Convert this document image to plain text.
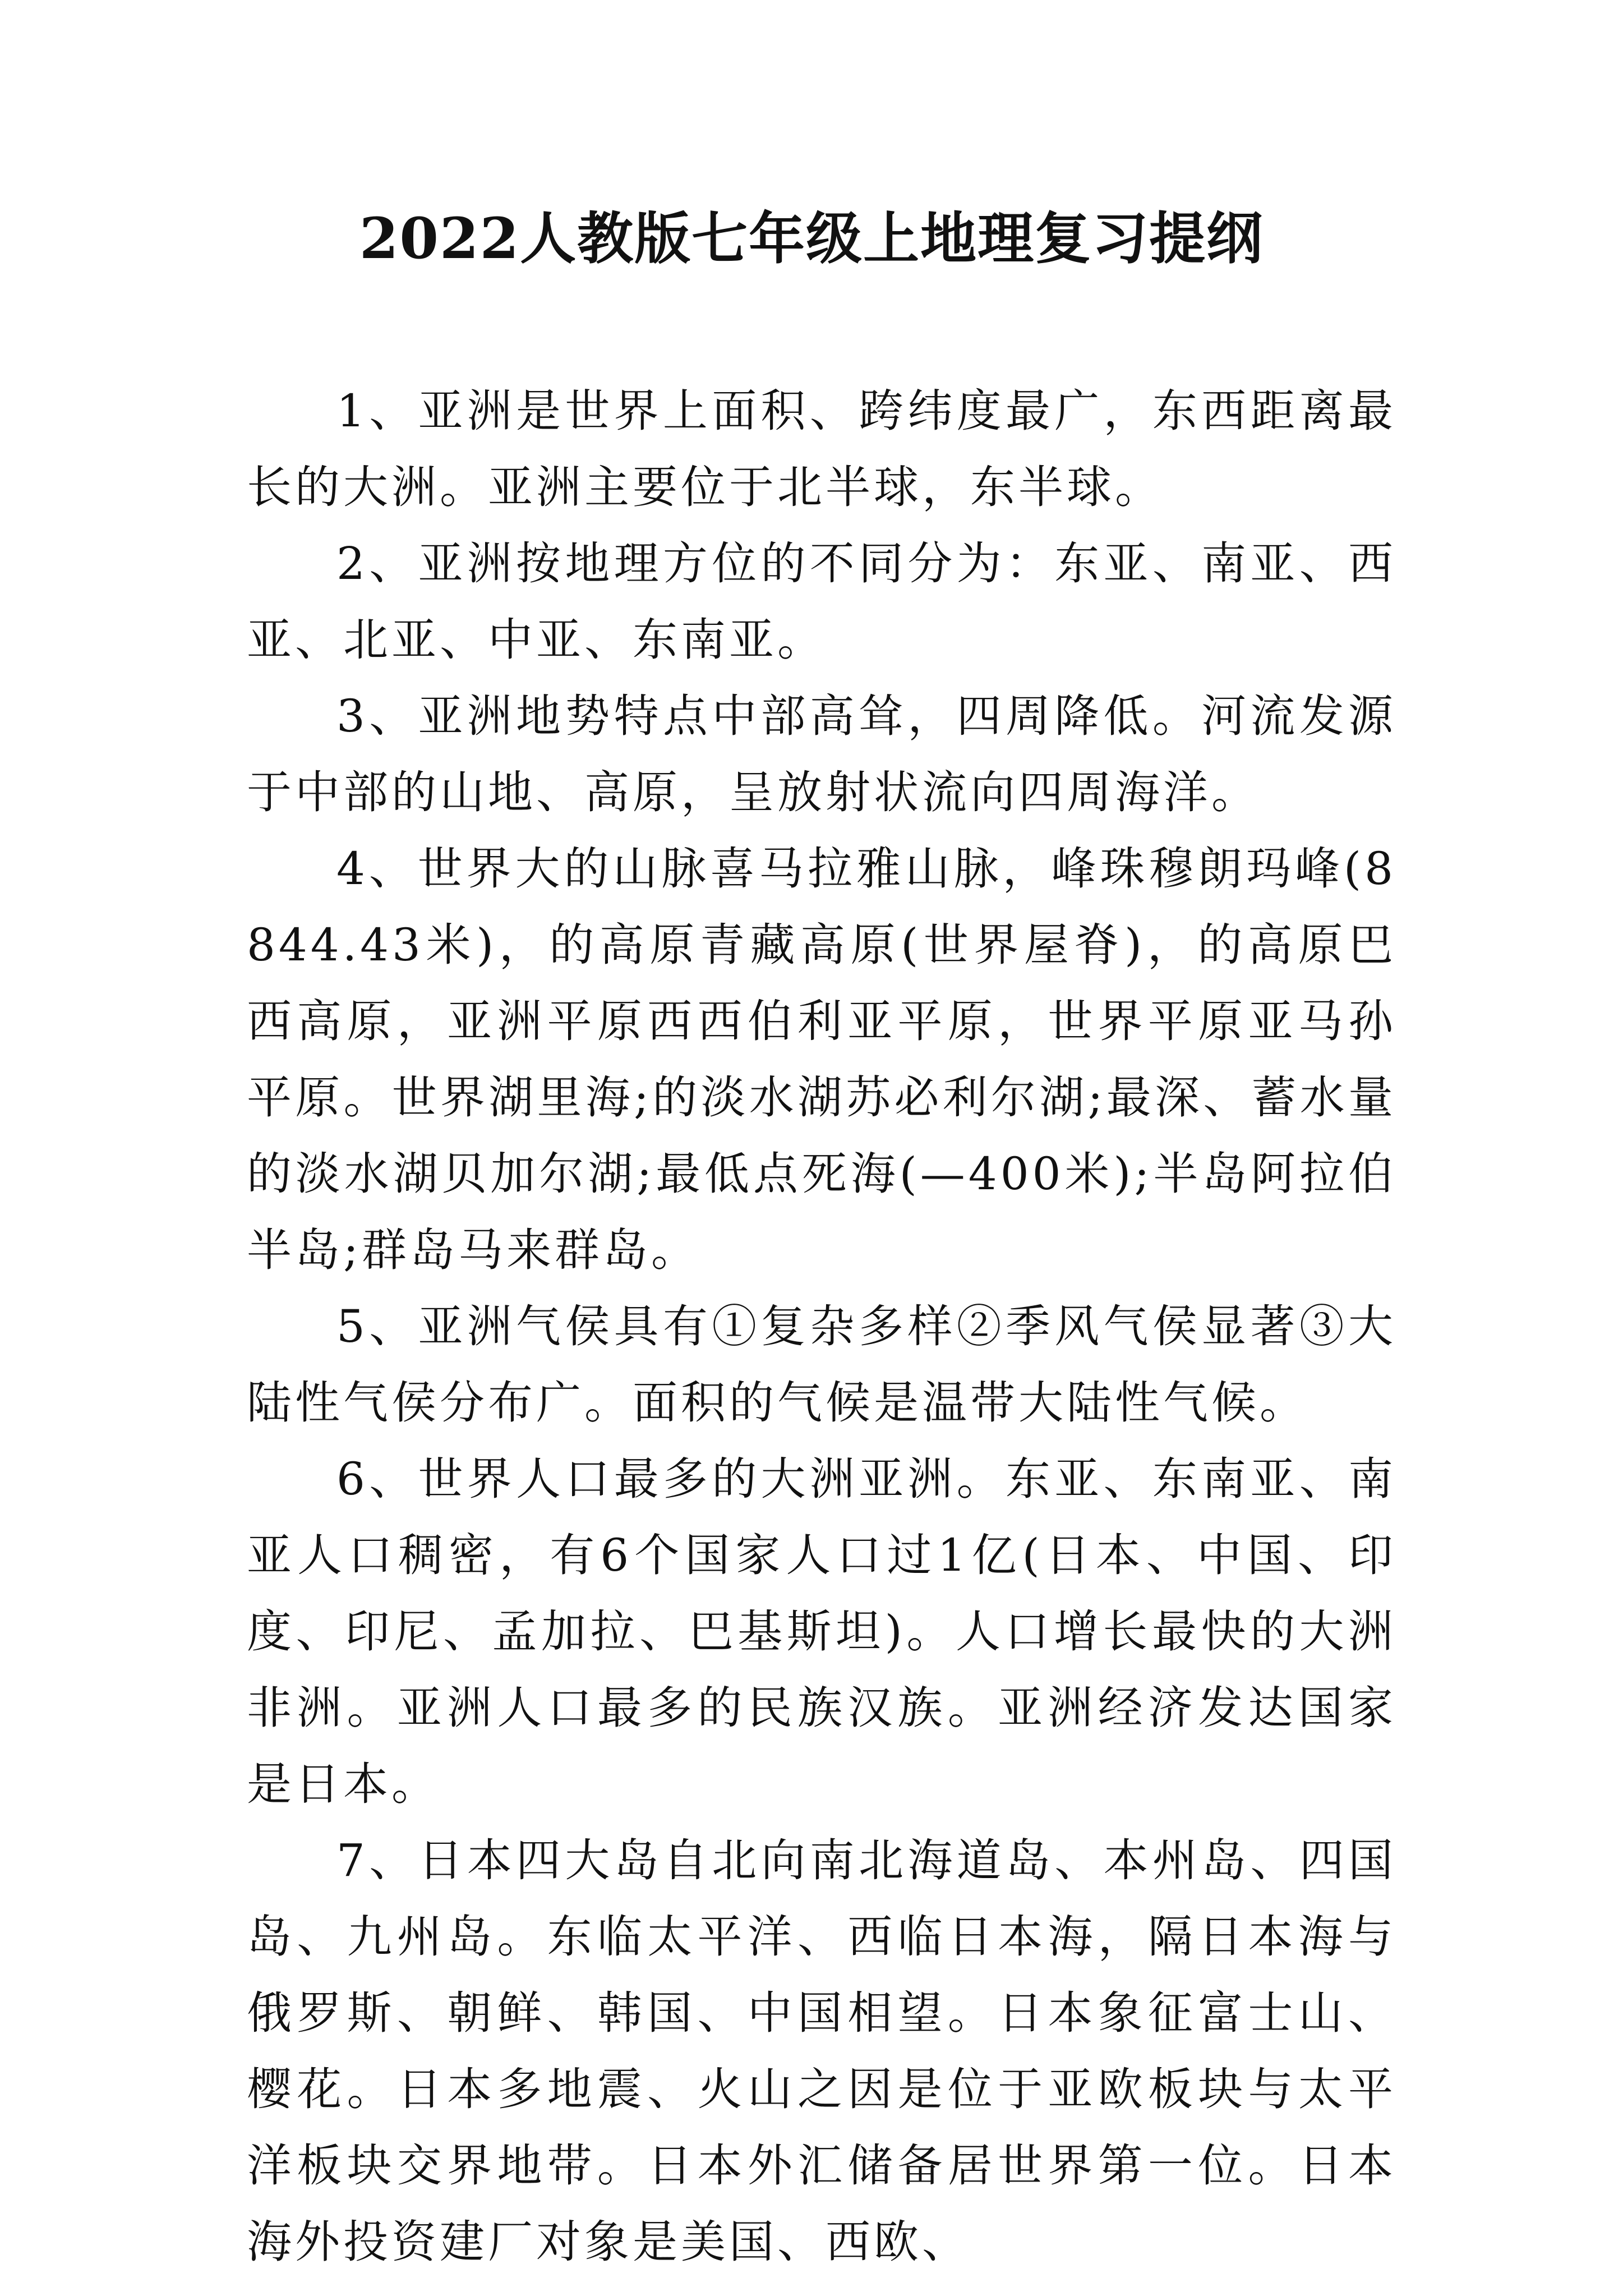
2022人教版七年级上地理复习提纲

1、亚洲是世界上面积、跨纬度最广，东西距离最长的大洲。亚洲主要位于北半球，东半球。

2、亚洲按地理方位的不同分为：东亚、南亚、西亚、北亚、中亚、东南亚。

3、亚洲地势特点中部高耸，四周降低。河流发源于中部的山地、高原，呈放射状流向四周海洋。

4、世界大的山脉喜马拉雅山脉，峰珠穆朗玛峰(8844.43米)，的高原青藏高原(世界屋脊)，的高原巴西高原，亚洲平原西西伯利亚平原，世界平原亚马孙平原。世界湖里海;的淡水湖苏必利尔湖;最深、蓄水量的淡水湖贝加尔湖;最低点死海(—400米);半岛阿拉伯半岛;群岛马来群岛。

5、亚洲气侯具有①复杂多样②季风气侯显著③大陆性气侯分布广。面积的气候是温带大陆性气候。

6、世界人口最多的大洲亚洲。东亚、东南亚、南亚人口稠密，有6个国家人口过1亿(日本、中国、印度、印尼、孟加拉、巴基斯坦)。人口增长最快的大洲非洲。亚洲人口最多的民族汉族。亚洲经济发达国家是日本。

7、日本四大岛自北向南北海道岛、本州岛、四国岛、九州岛。东临太平洋、西临日本海，隔日本海与俄罗斯、朝鲜、韩国、中国相望。日本象征富士山、樱花。日本多地震、火山之因是位于亚欧板块与太平洋板块交界地带。日本外汇储备居世界第一位。日本海外投资建厂对象是美国、西欧、
